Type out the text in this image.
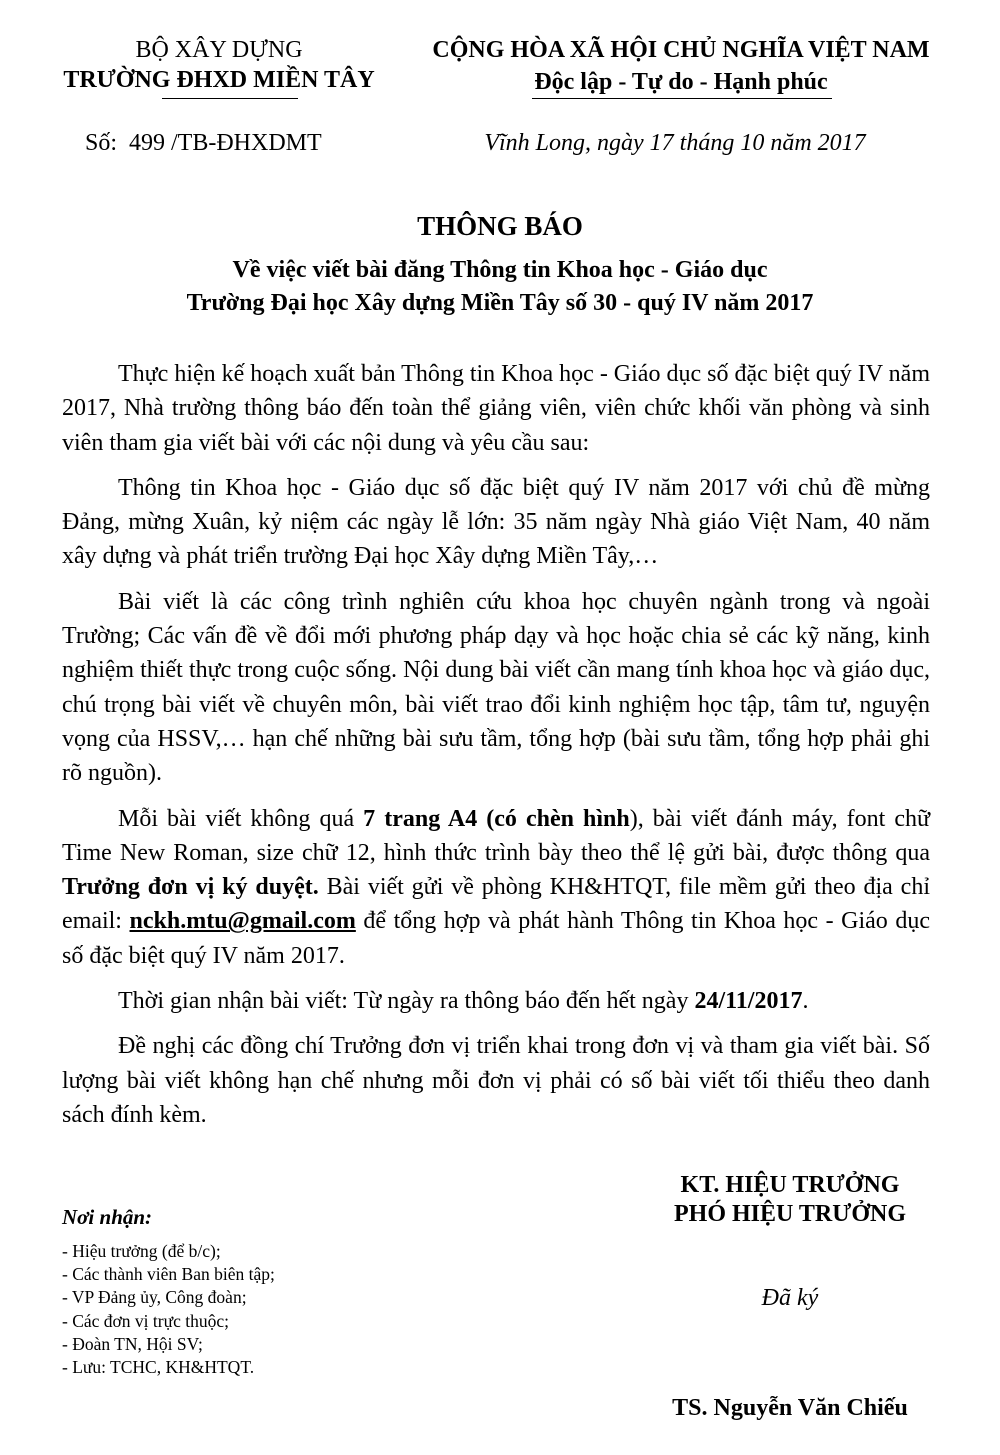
BỘ XÂY DỰNG
TRƯỜNG ĐHXD MIỀN TÂY
CỘNG HÒA XÃ HỘI CHỦ NGHĨA VIỆT NAM
Độc lập - Tự do - Hạnh phúc
Số:  499 /TB-ĐHXDMT	Vĩnh Long, ngày 17 tháng 10 năm 2017
THÔNG BÁO
Về việc viết bài đăng Thông tin Khoa học - Giáo dục
Trường Đại học Xây dựng Miền Tây số 30 - quý IV năm 2017

Thực hiện kế hoạch xuất bản Thông tin Khoa học - Giáo dục số đặc biệt quý IV năm 2017, Nhà trường thông báo đến toàn thể giảng viên, viên chức khối văn phòng và sinh viên tham gia viết bài với các nội dung và yêu cầu sau:

Thông tin Khoa học - Giáo dục số đặc biệt quý IV năm 2017 với chủ đề mừng Đảng, mừng Xuân, kỷ niệm các ngày lễ lớn: 35 năm ngày Nhà giáo Việt Nam, 40 năm xây dựng và phát triển trường Đại học Xây dựng Miền Tây,…

Bài viết là các công trình nghiên cứu khoa học chuyên ngành trong và ngoài Trường; Các vấn đề về đổi mới phương pháp dạy và học hoặc chia sẻ các kỹ năng, kinh nghiệm thiết thực trong cuộc sống. Nội dung bài viết cần mang tính khoa học và giáo dục, chú trọng bài viết về chuyên môn, bài viết trao đổi kinh nghiệm học tập, tâm tư, nguyện vọng của HSSV,… hạn chế những bài sưu tầm, tổng hợp (bài sưu tầm, tổng hợp phải ghi rõ nguồn).

Mỗi bài viết không quá 7 trang A4 (có chèn hình), bài viết đánh máy, font chữ Time New Roman, size chữ 12, hình thức trình bày theo thể lệ gửi bài, được thông qua Trưởng đơn vị ký duyệt. Bài viết gửi về phòng KH&HTQT, file mềm gửi theo địa chỉ email: nckh.mtu@gmail.com để tổng hợp và phát hành Thông tin Khoa học - Giáo dục số đặc biệt quý IV năm 2017.

Thời gian nhận bài viết: Từ ngày ra thông báo đến hết ngày 24/11/2017.

Đề nghị các đồng chí Trưởng đơn vị triển khai trong đơn vị và tham gia viết bài. Số lượng bài viết không hạn chế nhưng mỗi đơn vị phải có số bài viết tối thiểu theo danh sách đính kèm.

Nơi nhận:
- Hiệu trưởng (để b/c);
- Các thành viên Ban biên tập;
- VP Đảng ủy, Công đoàn;
- Các đơn vị trực thuộc;
- Đoàn TN, Hội SV;
- Lưu: TCHC, KH&HTQT.
KT. HIỆU TRƯỞNG
PHÓ HIỆU TRƯỞNG
Đã ký
TS. Nguyễn Văn Chiếu
